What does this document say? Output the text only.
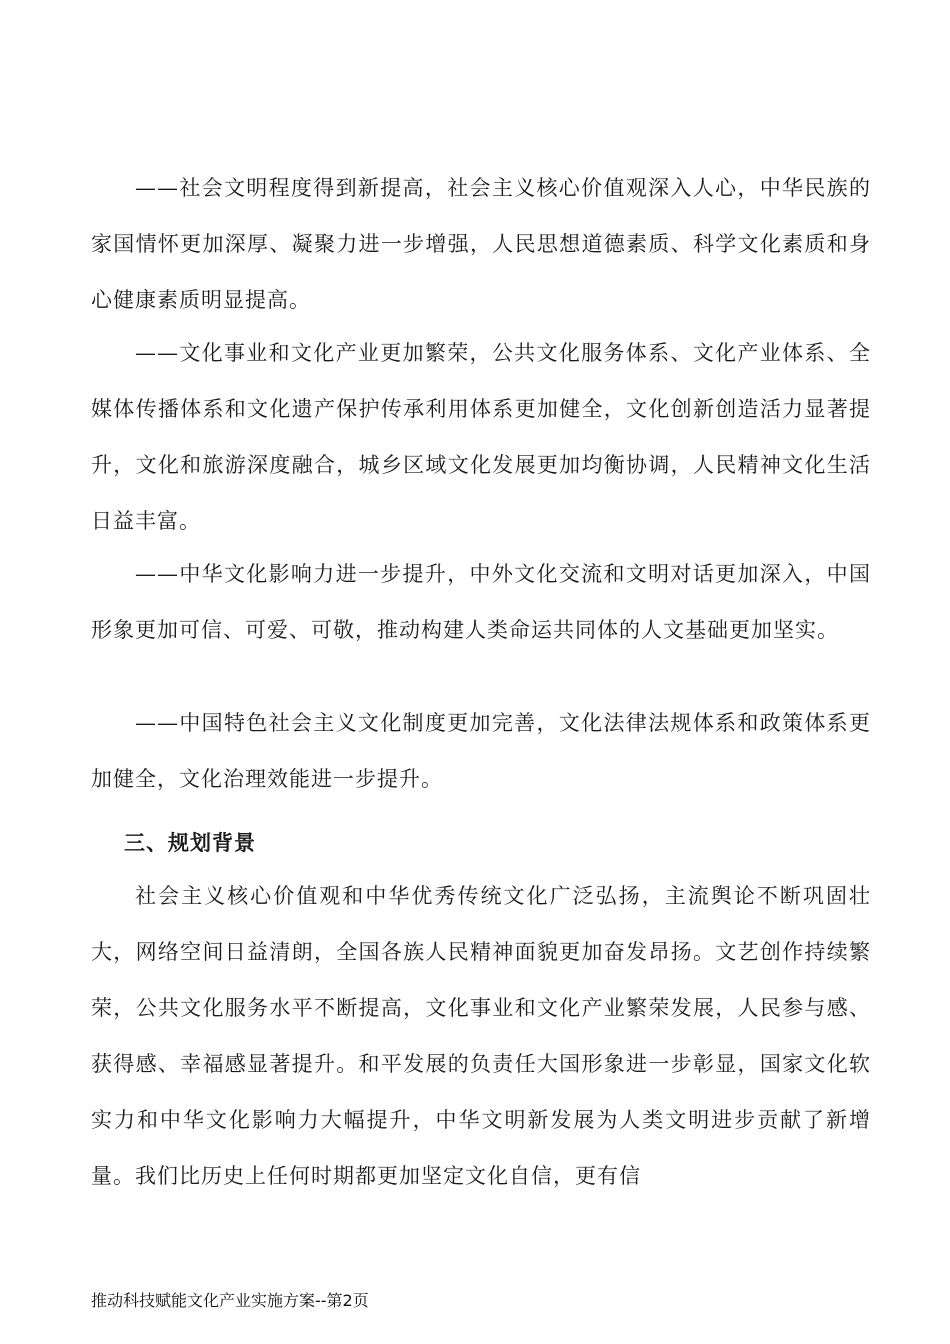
——社会文明程度得到新提高，社会主义核心价值观深入人心，中华民族的家国情怀更加深厚、凝聚力进一步增强，人民思想道德素质、科学文化素质和身心健康素质明显提高。

——文化事业和文化产业更加繁荣，公共文化服务体系、文化产业体系、全媒体传播体系和文化遗产保护传承利用体系更加健全，文化创新创造活力显著提升，文化和旅游深度融合，城乡区域文化发展更加均衡协调，人民精神文化生活日益丰富。

——中华文化影响力进一步提升，中外文化交流和文明对话更加深入，中国形象更加可信、可爱、可敬，推动构建人类命运共同体的人文基础更加坚实。

——中国特色社会主义文化制度更加完善，文化法律法规体系和政策体系更加健全，文化治理效能进一步提升。

三、规划背景

社会主义核心价值观和中华优秀传统文化广泛弘扬，主流舆论不断巩固壮大，网络空间日益清朗，全国各族人民精神面貌更加奋发昂扬。文艺创作持续繁荣，公共文化服务水平不断提高，文化事业和文化产业繁荣发展，人民参与感、获得感、幸福感显著提升。和平发展的负责任大国形象进一步彰显，国家文化软实力和中华文化影响力大幅提升，中华文明新发展为人类文明进步贡献了新增量。我们比历史上任何时期都更加坚定文化自信，更有信

推动科技赋能文化产业实施方案--第2页
